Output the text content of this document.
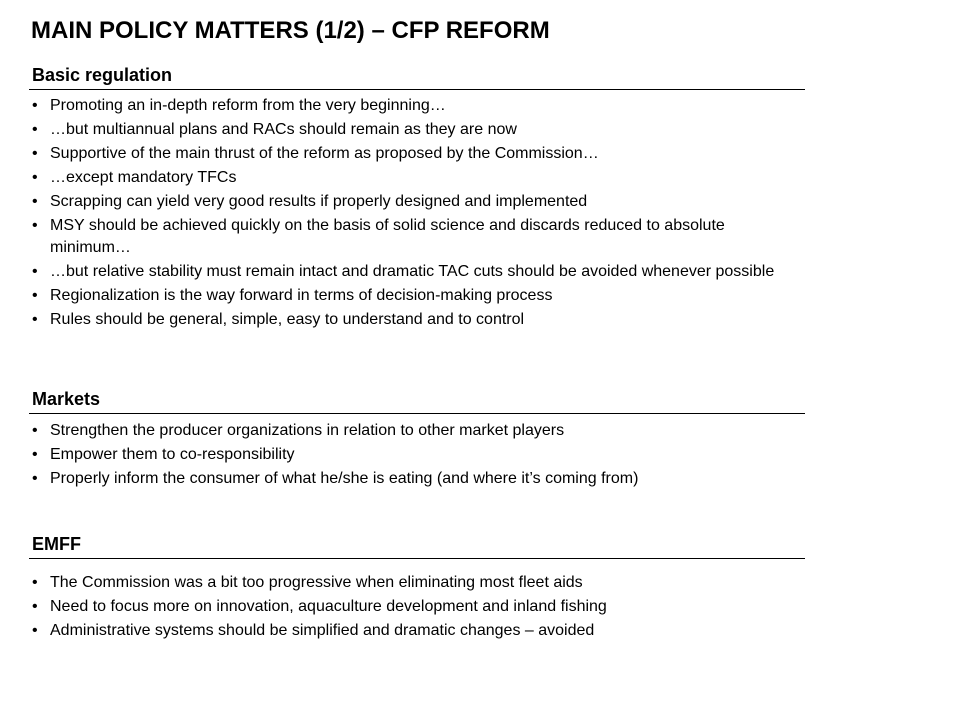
MAIN POLICY MATTERS (1/2) – CFP REFORM
Basic regulation
• Promoting an in-depth reform from the very beginning…
• …but multiannual plans and RACs should remain as they are now
• Supportive of the main thrust of the reform as proposed by the Commission…
• …except mandatory TFCs
• Scrapping can yield very good results if properly designed and implemented
• MSY should be achieved quickly on the basis of solid science and discards reduced to absolute minimum…
• …but relative stability must remain intact and dramatic TAC cuts should be avoided whenever possible
• Regionalization is the way forward in terms of decision-making process
• Rules should be general, simple, easy to understand and to control
Markets
• Strengthen the producer organizations in relation to other market players
• Empower them to co-responsibility
• Properly inform the consumer of what he/she is eating (and where it’s coming from)
EMFF
• The Commission was a bit too progressive when eliminating most fleet aids
• Need to focus more on innovation, aquaculture development and inland fishing
• Administrative systems should be simplified and dramatic changes – avoided
